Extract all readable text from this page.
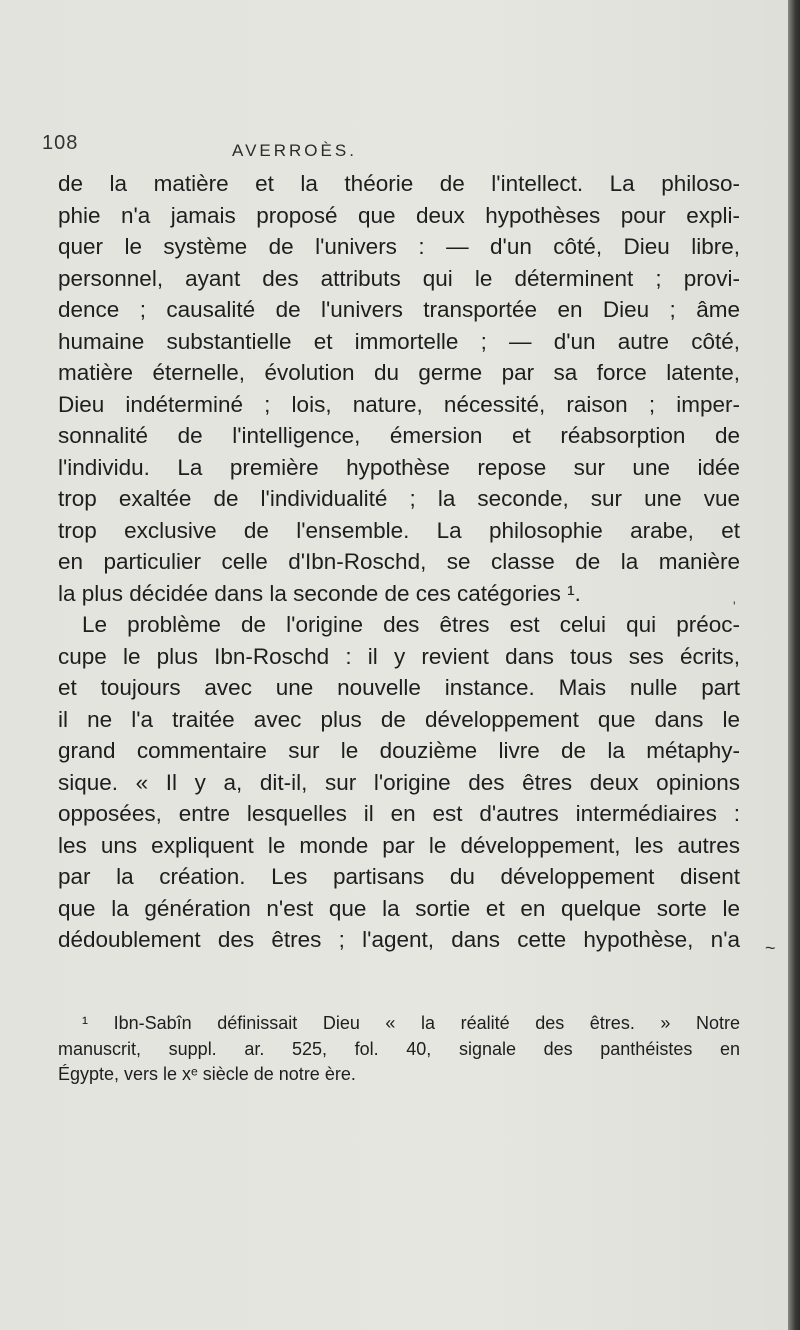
108	AVERROÈS.
de la matière et la théorie de l'intellect. La philoso-
phie n'a jamais proposé que deux hypothèses pour expli-
quer le système de l'univers : — d'un côté, Dieu libre,
personnel, ayant des attributs qui le déterminent ; provi-
dence ; causalité de l'univers transportée en Dieu ; âme
humaine substantielle et immortelle ; — d'un autre côté,
matière éternelle, évolution du germe par sa force latente,
Dieu indéterminé ; lois, nature, nécessité, raison ; imper-
sonnalité de l'intelligence, émersion et réabsorption de
l'individu. La première hypothèse repose sur une idée
trop exaltée de l'individualité ; la seconde, sur une vue
trop exclusive de l'ensemble. La philosophie arabe, et
en particulier celle d'Ibn-Roschd, se classe de la manière
la plus décidée dans la seconde de ces catégories ¹.
Le problème de l'origine des êtres est celui qui préoc-
cupe le plus Ibn-Roschd : il y revient dans tous ses écrits,
et toujours avec une nouvelle instance. Mais nulle part
il ne l'a traitée avec plus de développement que dans le
grand commentaire sur le douzième livre de la métaphy-
sique. « Il y a, dit-il, sur l'origine des êtres deux opinions
opposées, entre lesquelles il en est d'autres intermédiaires :
les uns expliquent le monde par le développement, les autres
par la création. Les partisans du développement disent
que la génération n'est que la sortie et en quelque sorte le
dédoublement des êtres ; l'agent, dans cette hypothèse, n'a
'
~
¹ Ibn-Sabîn définissait Dieu « la réalité des êtres. » Notre
manuscrit, suppl. ar. 525, fol. 40, signale des panthéistes en
Égypte, vers le xᵉ siècle de notre ère.
